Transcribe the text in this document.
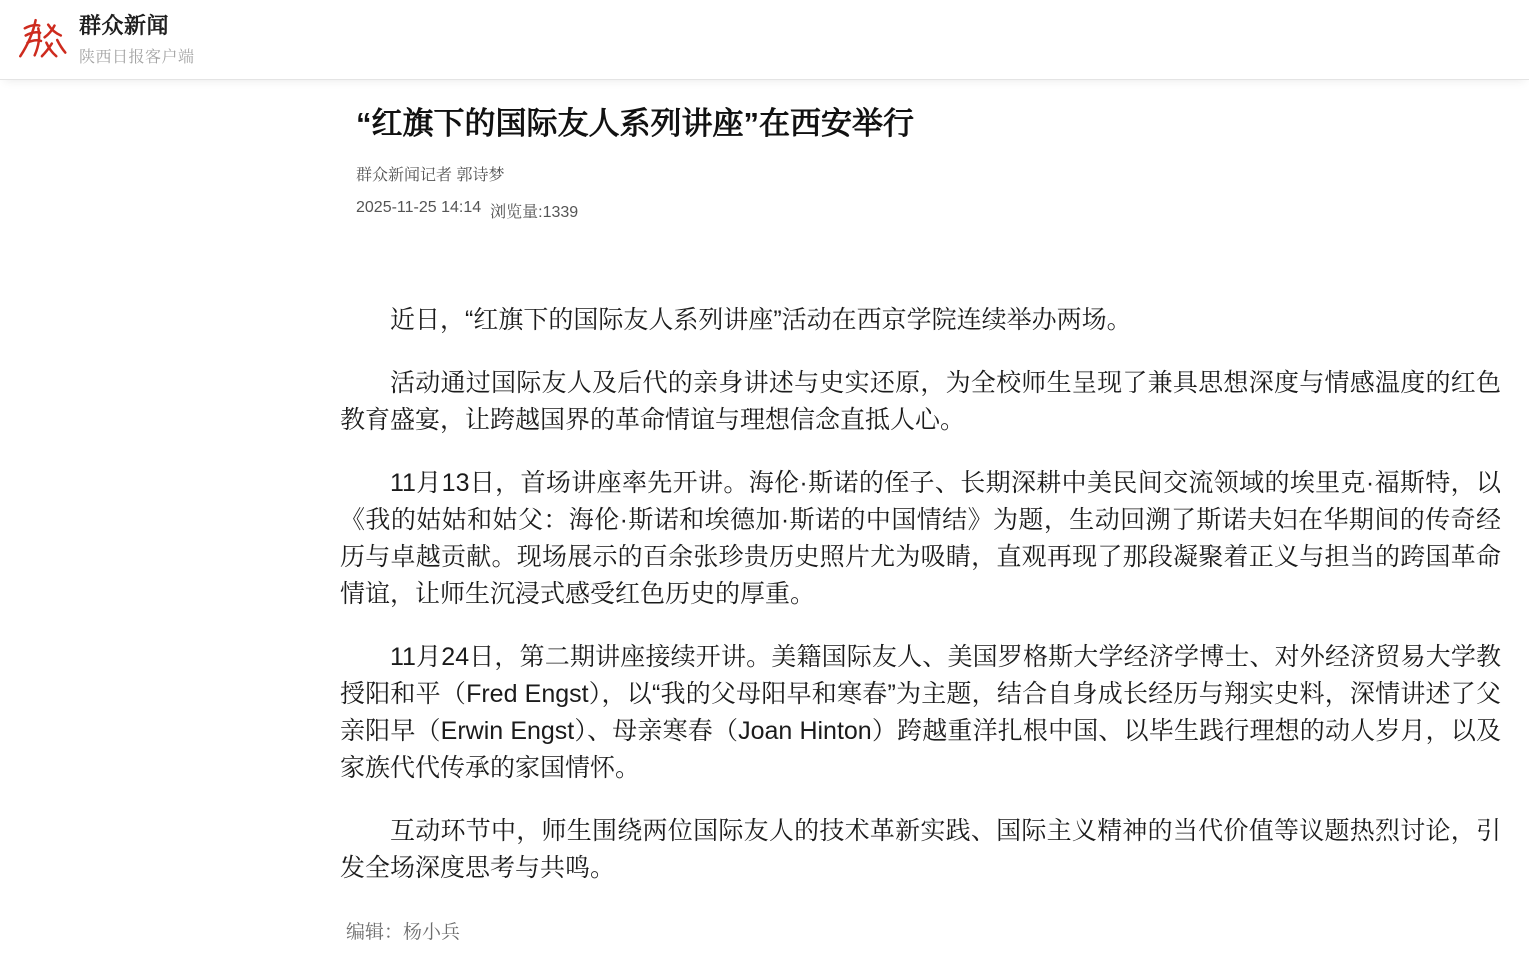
群众新闻
陕西日报客户端
“红旗下的国际友人系列讲座”在西安举行
群众新闻记者 郭诗梦
2025-11-25 14:14 浏览量:1339

近日，“红旗下的国际友人系列讲座”活动在西京学院连续举办两场。

活动通过国际友人及后代的亲身讲述与史实还原，为全校师生呈现了兼具思想深度与情感温度的红色教育盛宴，让跨越国界的革命情谊与理想信念直抵人心。

11月13日，首场讲座率先开讲。海伦·斯诺的侄子、长期深耕中美民间交流领域的埃里克·福斯特，以《我的姑姑和姑父：海伦·斯诺和埃德加·斯诺的中国情结》为题，生动回溯了斯诺夫妇在华期间的传奇经历与卓越贡献。现场展示的百余张珍贵历史照片尤为吸睛，直观再现了那段凝聚着正义与担当的跨国革命情谊，让师生沉浸式感受红色历史的厚重。

11月24日，第二期讲座接续开讲。美籍国际友人、美国罗格斯大学经济学博士、对外经济贸易大学教授阳和平（Fred Engst），以“我的父母阳早和寒春”为主题，结合自身成长经历与翔实史料，深情讲述了父亲阳早（Erwin Engst）、母亲寒春（Joan Hinton）跨越重洋扎根中国、以毕生践行理想的动人岁月，以及家族代代传承的家国情怀。

互动环节中，师生围绕两位国际友人的技术革新实践、国际主义精神的当代价值等议题热烈讨论，引发全场深度思考与共鸣。

编辑：杨小兵
